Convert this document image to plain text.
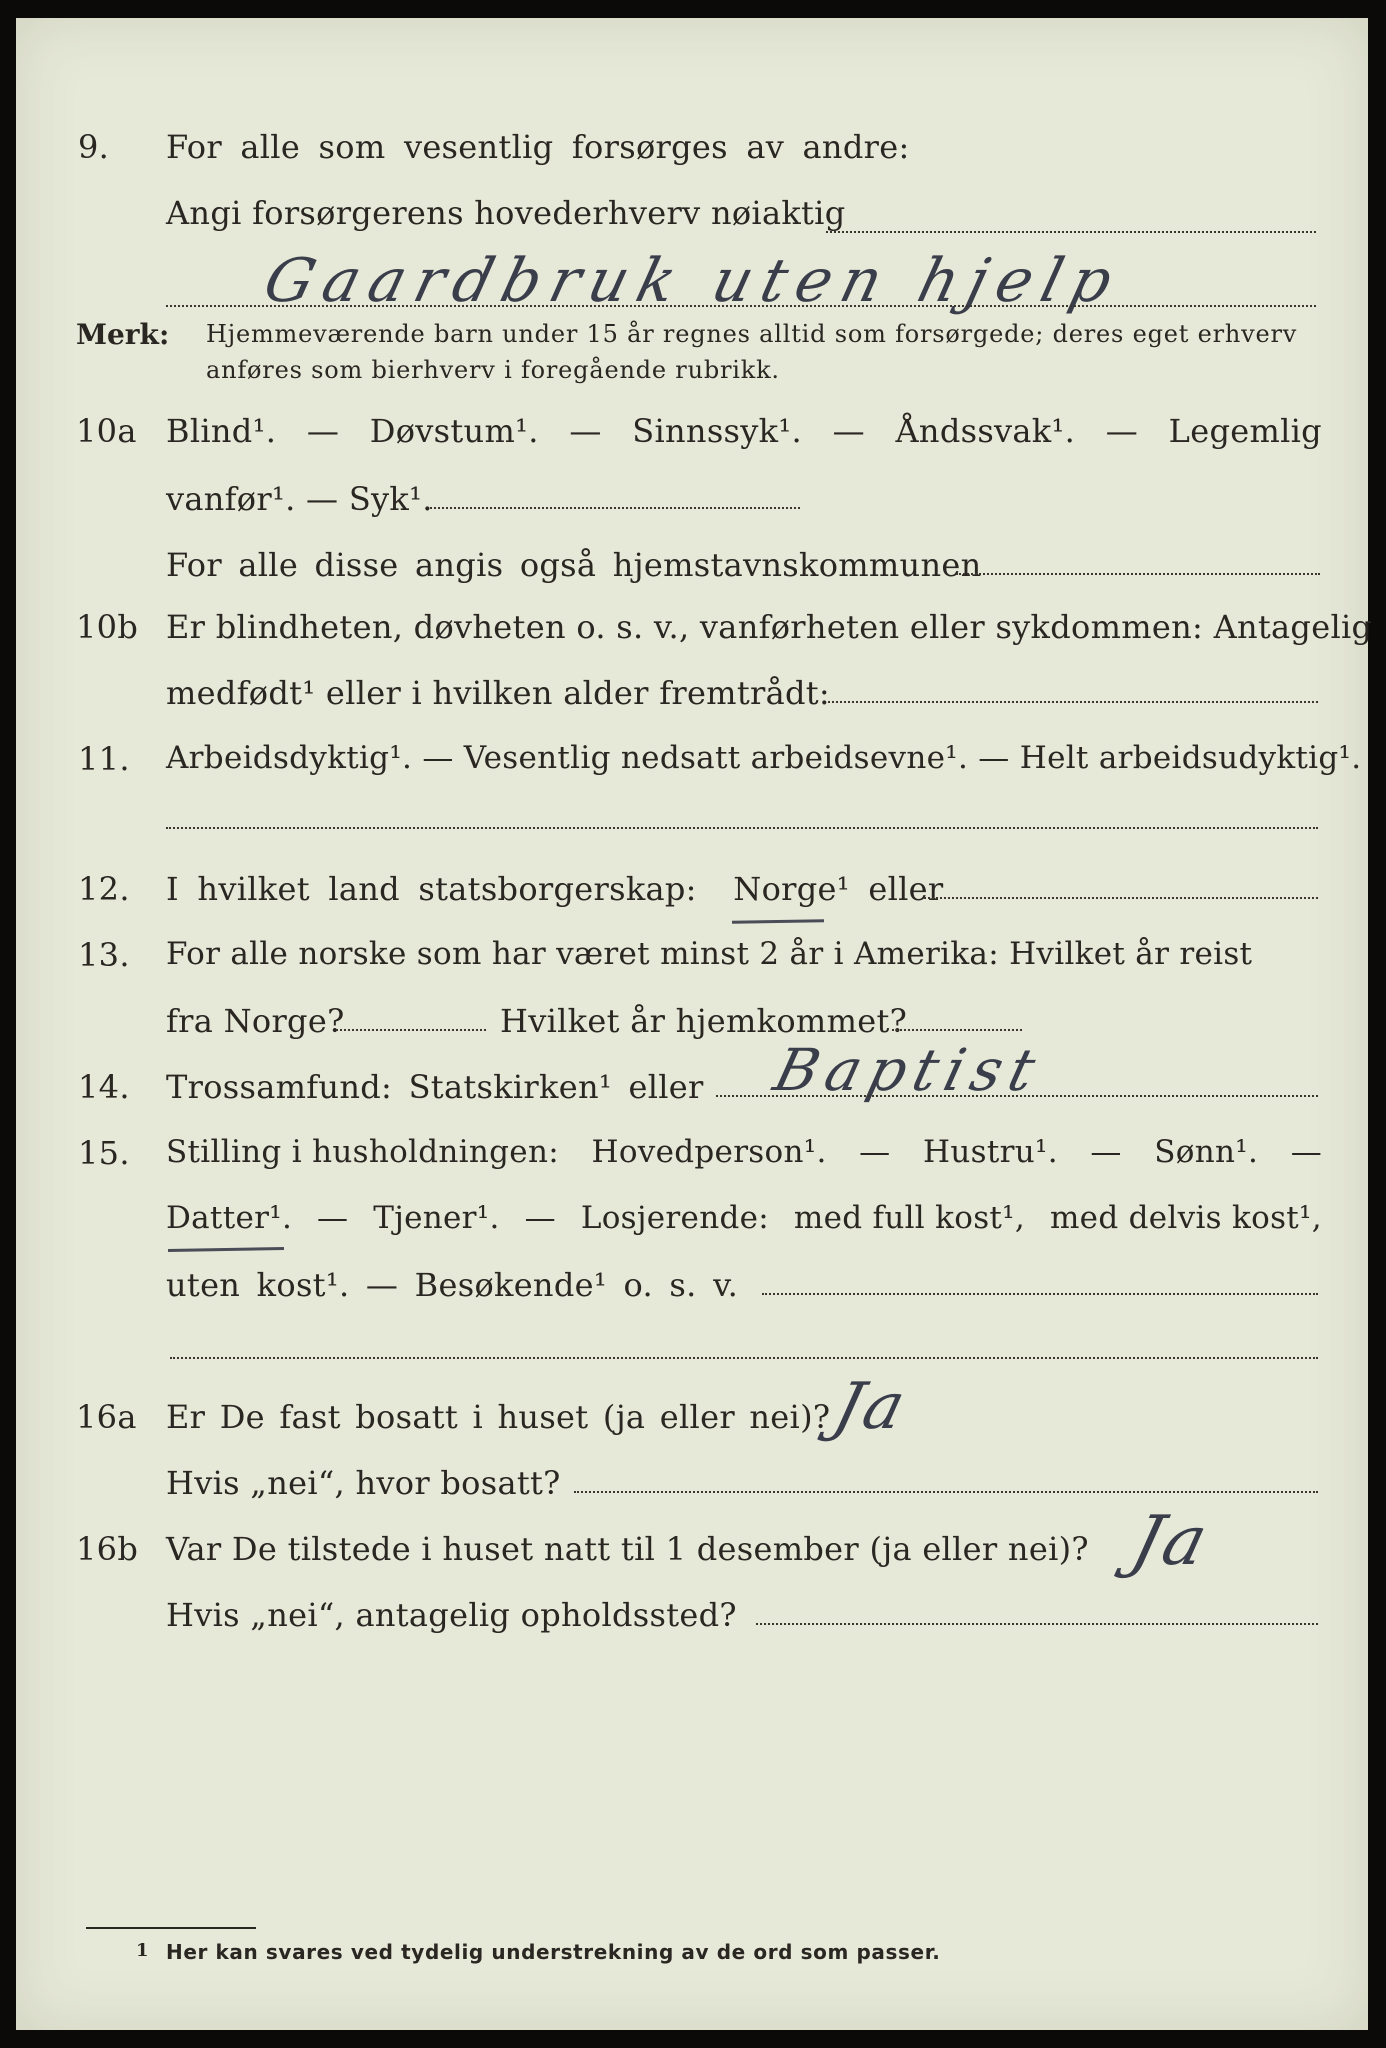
9.	For alle som vesentlig forsørges av andre:
Angi forsørgerens hovederhverv nøiaktig
Gaardbruk uten hjelp
Merk: Hjemmeværende barn under 15 år regnes alltid som forsørgede; deres eget erhverv
anføres som bierhverv i foregående rubrikk.
10a Blind¹. — Døvstum¹. — Sinnssyk¹. — Åndssvak¹. — Legemlig
vanfør¹. — Syk¹.
For alle disse angis også hjemstavnskommunen
10b Er blindheten, døvheten o. s. v., vanførheten eller sykdommen: Antagelig
medfødt¹ eller i hvilken alder fremtrådt:
11.	Arbeidsdyktig¹. — Vesentlig nedsatt arbeidsevne¹. — Helt arbeidsudyktig¹.
12.	I hvilket land statsborgerskap: Norge¹ eller
13.	For alle norske som har været minst 2 år i Amerika: Hvilket år reist
fra Norge?	Hvilket år hjemkommet?
14.	Trossamfund: Statskirken¹ eller Baptist
15.	Stilling i husholdningen: Hovedperson¹. — Hustru¹. — Sønn¹. —
Datter¹. — Tjener¹. — Losjerende: med full kost¹, med delvis kost¹,
uten kost¹. — Besøkende¹ o. s. v.
16a Er De fast bosatt i huset (ja eller nei)?
Ja
Hvis „nei“, hvor bosatt?
16b Var De tilstede i huset natt til 1 desember (ja eller nei)? Ja
Hvis „nei“, antagelig opholdssted?
1 Her kan svares ved tydelig understrekning av de ord som passer.
